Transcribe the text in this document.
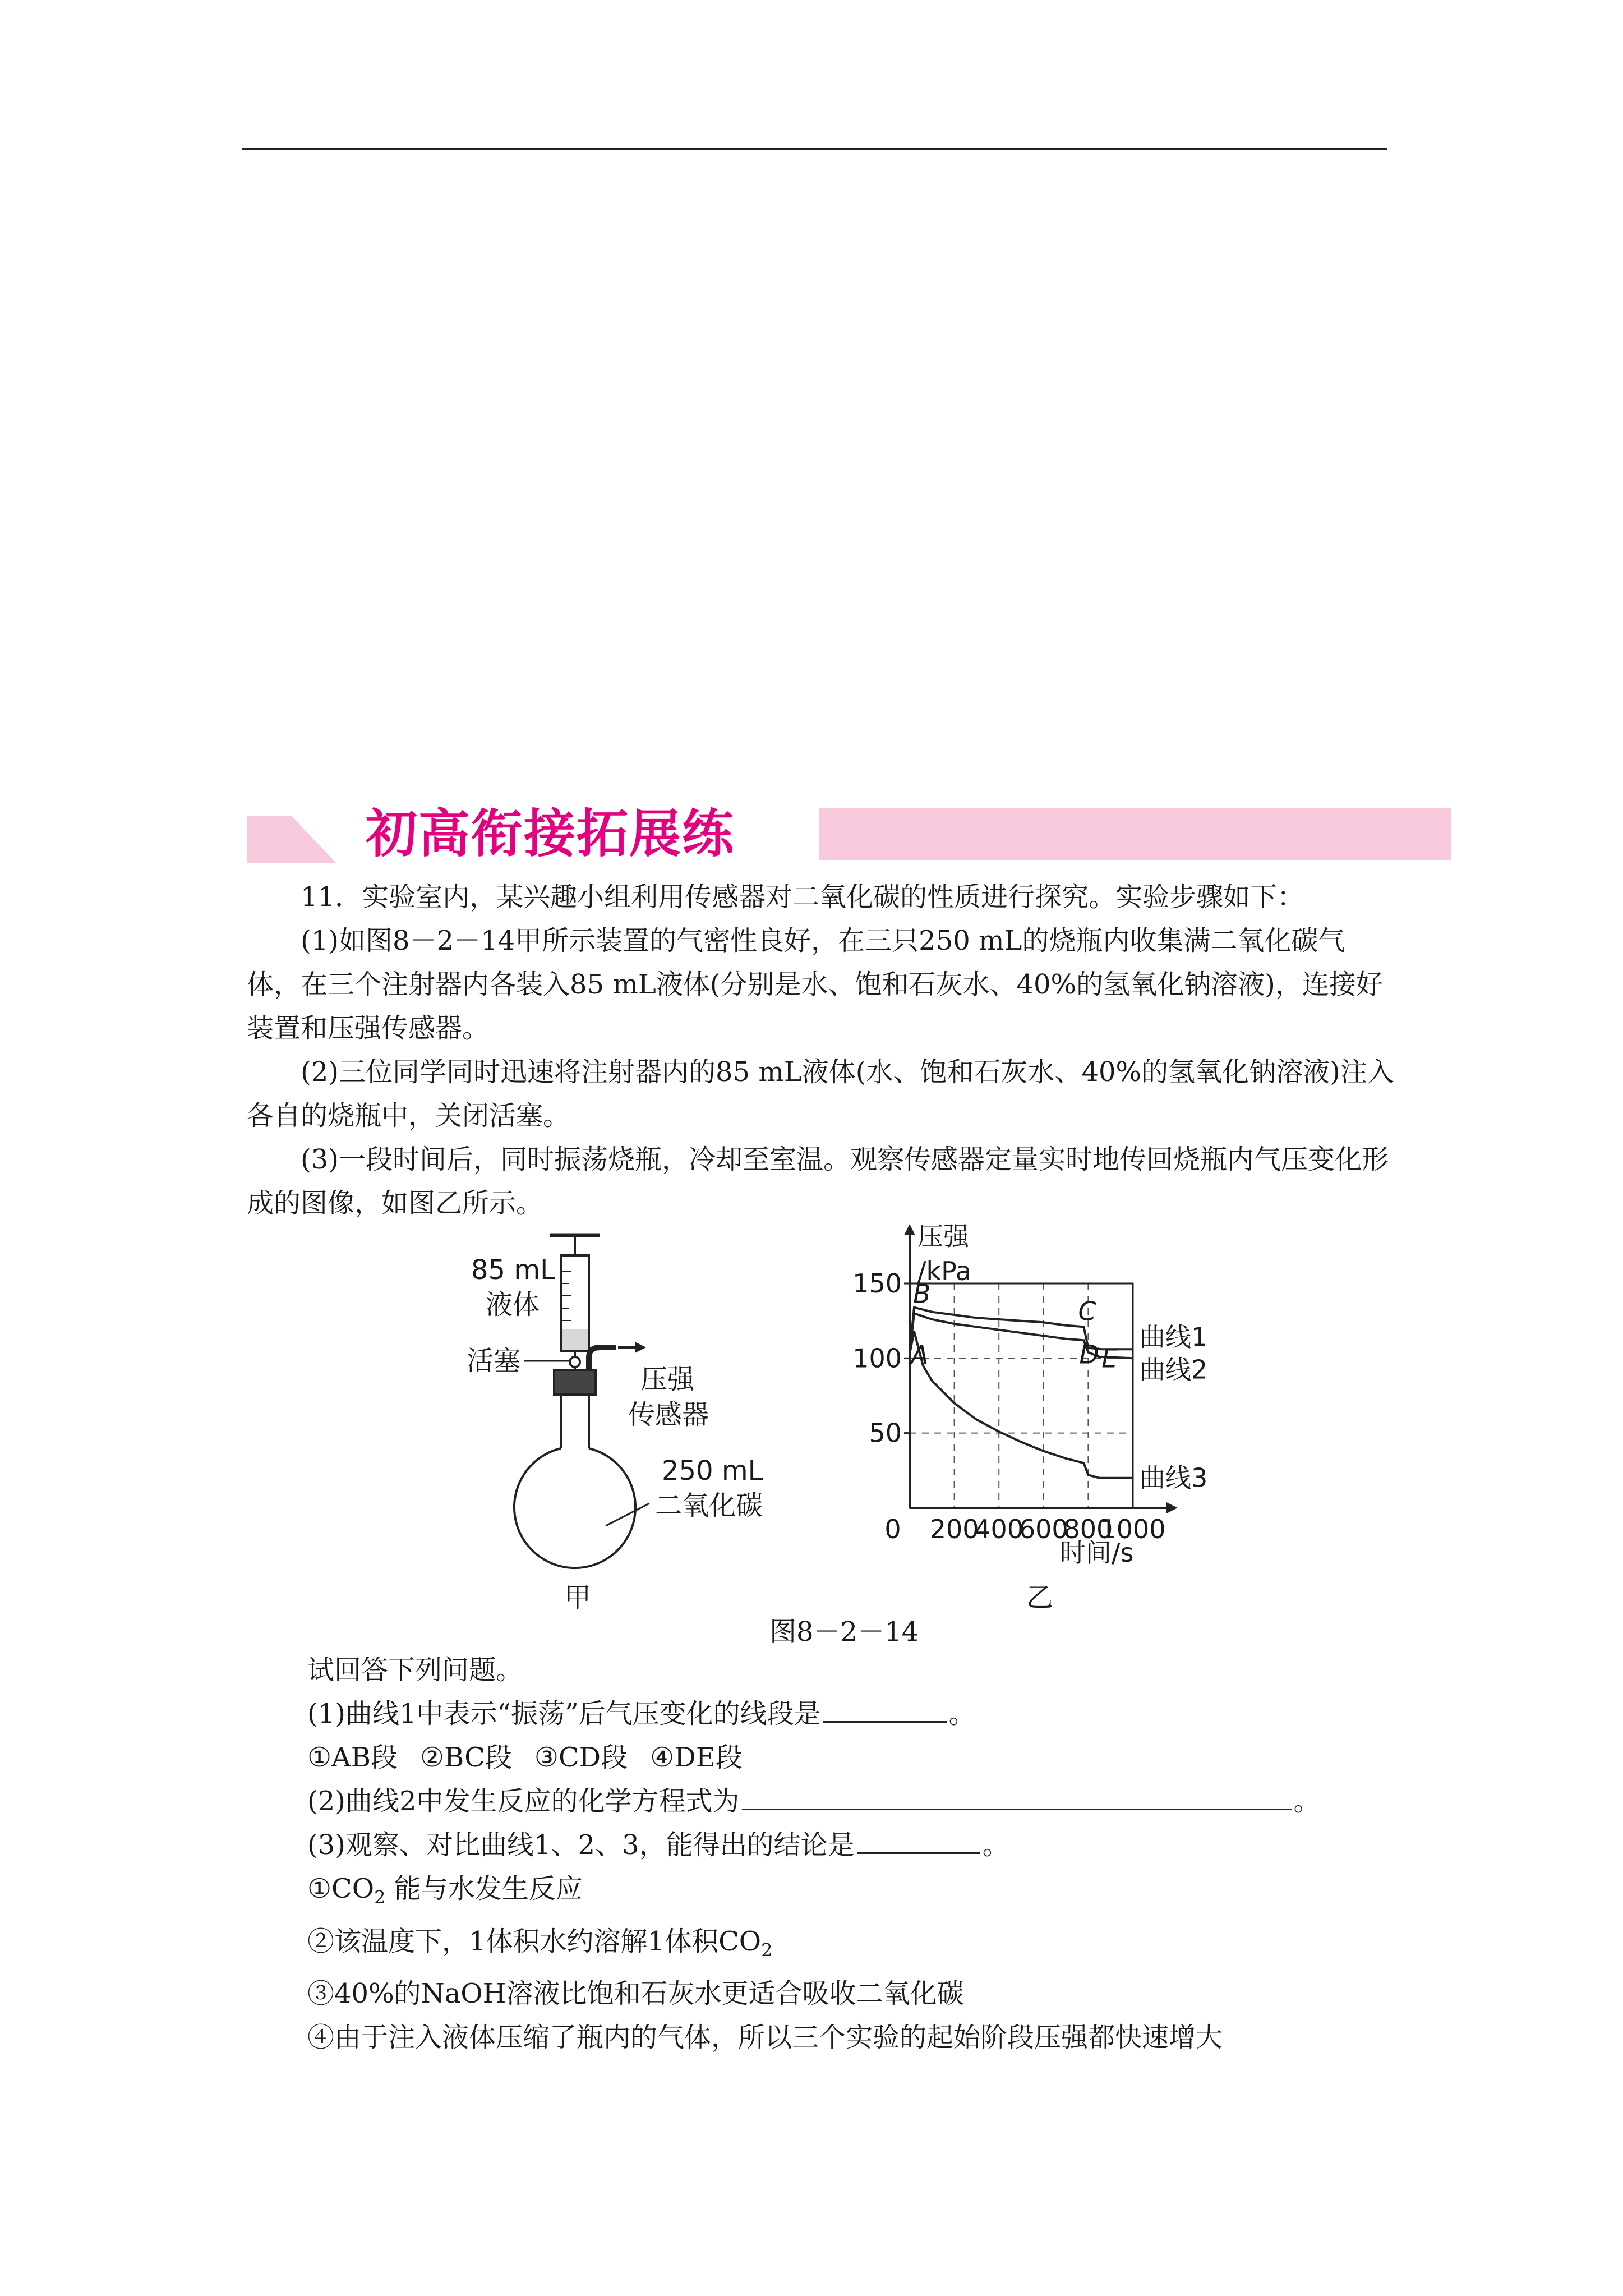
初高衔接拓展练

11．实验室内，某兴趣小组利用传感器对二氧化碳的性质进行探究。实验步骤如下：

(1)如图8－2－14甲所示装置的气密性良好，在三只250 mL的烧瓶内收集满二氧化碳气体，在三个注射器内各装入85 mL液体(分别是水、饱和石灰水、40%的氢氧化钠溶液)，连接好装置和压强传感器。

(2)三位同学同时迅速将注射器内的85 mL液体(水、饱和石灰水、40%的氢氧化钠溶液)注入各自的烧瓶中，关闭活塞。

(3)一段时间后，同时振荡烧瓶，冷却至室温。观察传感器定量实时地传回烧瓶内气压变化形成的图像，如图乙所示。

150
100
50
0 200
400
600
800
1000
压强
/kPa
时间/s
曲线1
曲线2
曲线3
A
B
C
D E
85 mL
液体
活塞
压强
传感器
250 mL
二氧化碳
甲	乙
图8－2－14

试回答下列问题。

(1)曲线1中表示“振荡”后气压变化的线段是	。

①AB段 ②BC段 ③CD段 ④DE段

(2)曲线2中发生反应的化学方程式为	。

(3)观察、对比曲线1、2、3，能得出的结论是	。

$①CO_2$ 能与水发生反应

②该温度下，1体积水约溶解1体积$CO_2$

③40%的NaOH溶液比饱和石灰水更适合吸收二氧化碳

④由于注入液体压缩了瓶内的气体，所以三个实验的起始阶段压强都快速增大
